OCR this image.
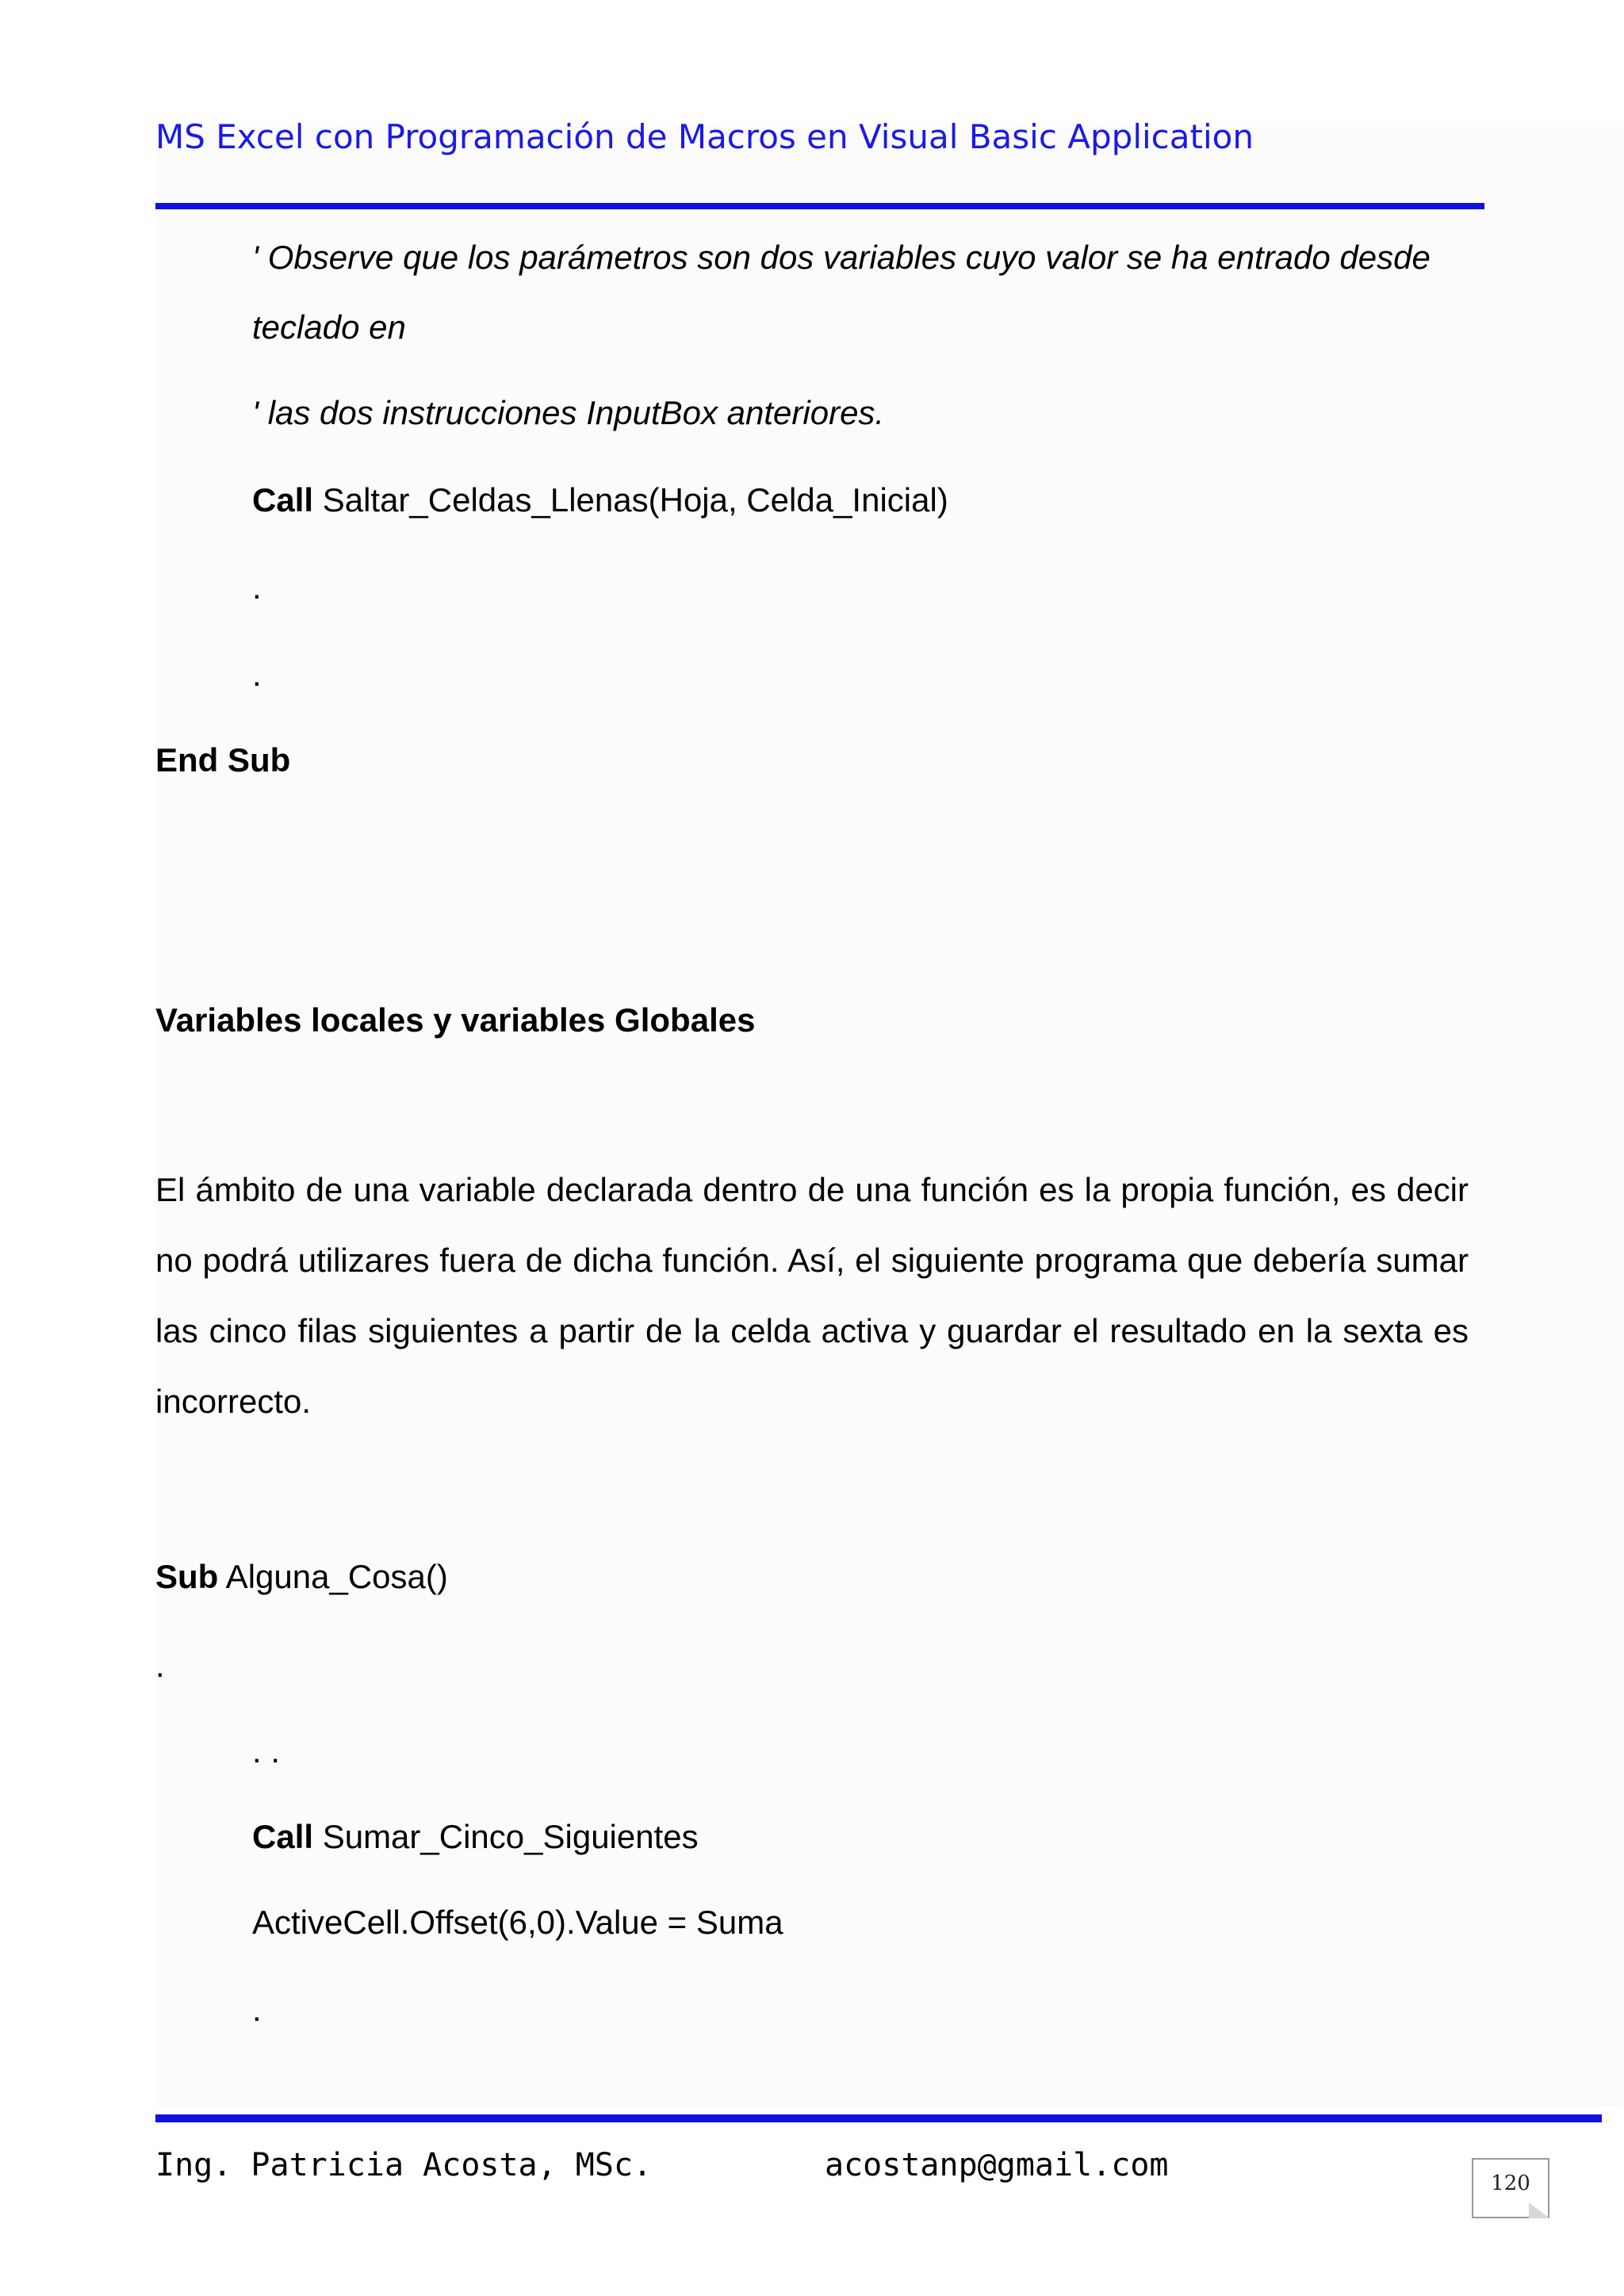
MS Excel con Programación de Macros en Visual Basic Application
' Observe que los parámetros son dos variables cuyo valor se ha entrado desde
teclado en
' las dos instrucciones InputBox anteriores.
Call Saltar_Celdas_Llenas(Hoja, Celda_Inicial)
.
.
End Sub
Variables locales y variables Globales
El ámbito de una variable declarada dentro de una función es la propia función, es decir no podrá utilizares fuera de dicha función. Así, el siguiente programa que debería sumar las cinco filas siguientes a partir de la celda activa y guardar el resultado en la sexta es incorrecto.
Sub Alguna_Cosa()
.
. .
Call Sumar_Cinco_Siguientes
ActiveCell.Offset(6,0).Value = Suma
.
Ing. Patricia Acosta, MSc.	acostanp@gmail.com	120
